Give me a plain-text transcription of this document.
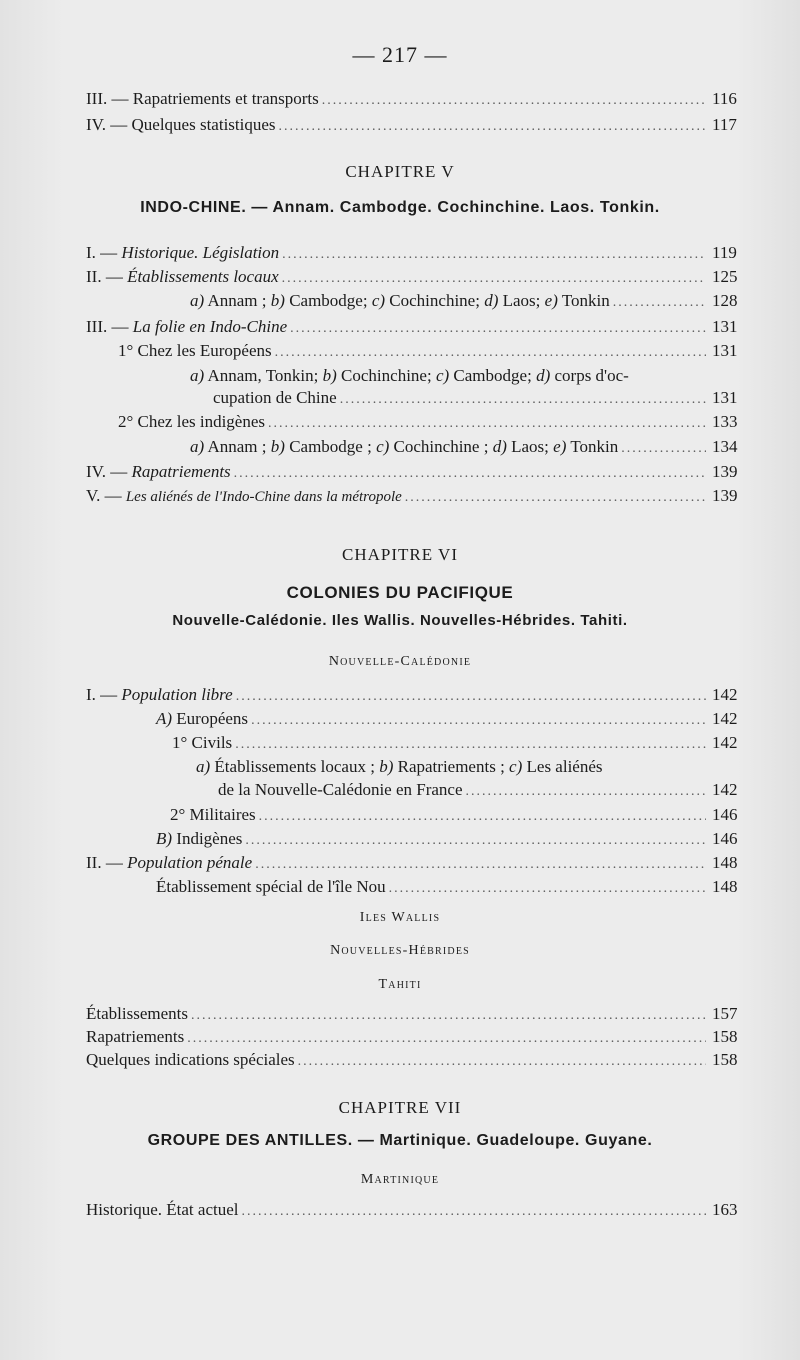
— 217 —
III. — Rapatriements et transports .....	116
IV. — Quelques statistiques .....	117
CHAPITRE V
INDO-CHINE. — Annam. Cambodge. Cochinchine. Laos. Tonkin.
I. — Historique. Législation .....	119
II. — Établissements locaux .....	125
a) Annam ; b) Cambodge; c) Cochinchine; d) Laos; e) Tonkin .....	128
III. — La folie en Indo-Chine .....	131
1° Chez les Européens .....	131
a) Annam, Tonkin; b) Cochinchine; c) Cambodge; d) corps d'oc-
cupation de Chine .....	131
2° Chez les indigènes .....	133
a) Annam ; b) Cambodge ; c) Cochinchine ; d) Laos; e) Tonkin .....	134
IV. — Rapatriements .....	139
V. — Les aliénés de l'Indo-Chine dans la métropole .....	139
CHAPITRE VI
COLONIES DU PACIFIQUE
Nouvelle-Calédonie. Iles Wallis. Nouvelles-Hébrides. Tahiti.
Nouvelle-Calédonie
I. — Population libre .....	142
A) Européens .....	142
1° Civils .....	142
a) Établissements locaux ; b) Rapatriements ; c) Les aliénés
de la Nouvelle-Calédonie en France .....	142
2° Militaires .....	146
B) Indigènes .....	146
II. — Population pénale .....	148
Établissement spécial de l'île Nou .....	148
Iles Wallis
Nouvelles-Hébrides
Tahiti
Établissements .....	157
Rapatriements .....	158
Quelques indications spéciales .....	158
CHAPITRE VII
GROUPE DES ANTILLES. — Martinique. Guadeloupe. Guyane.
Martinique
Historique. État actuel .....	163
